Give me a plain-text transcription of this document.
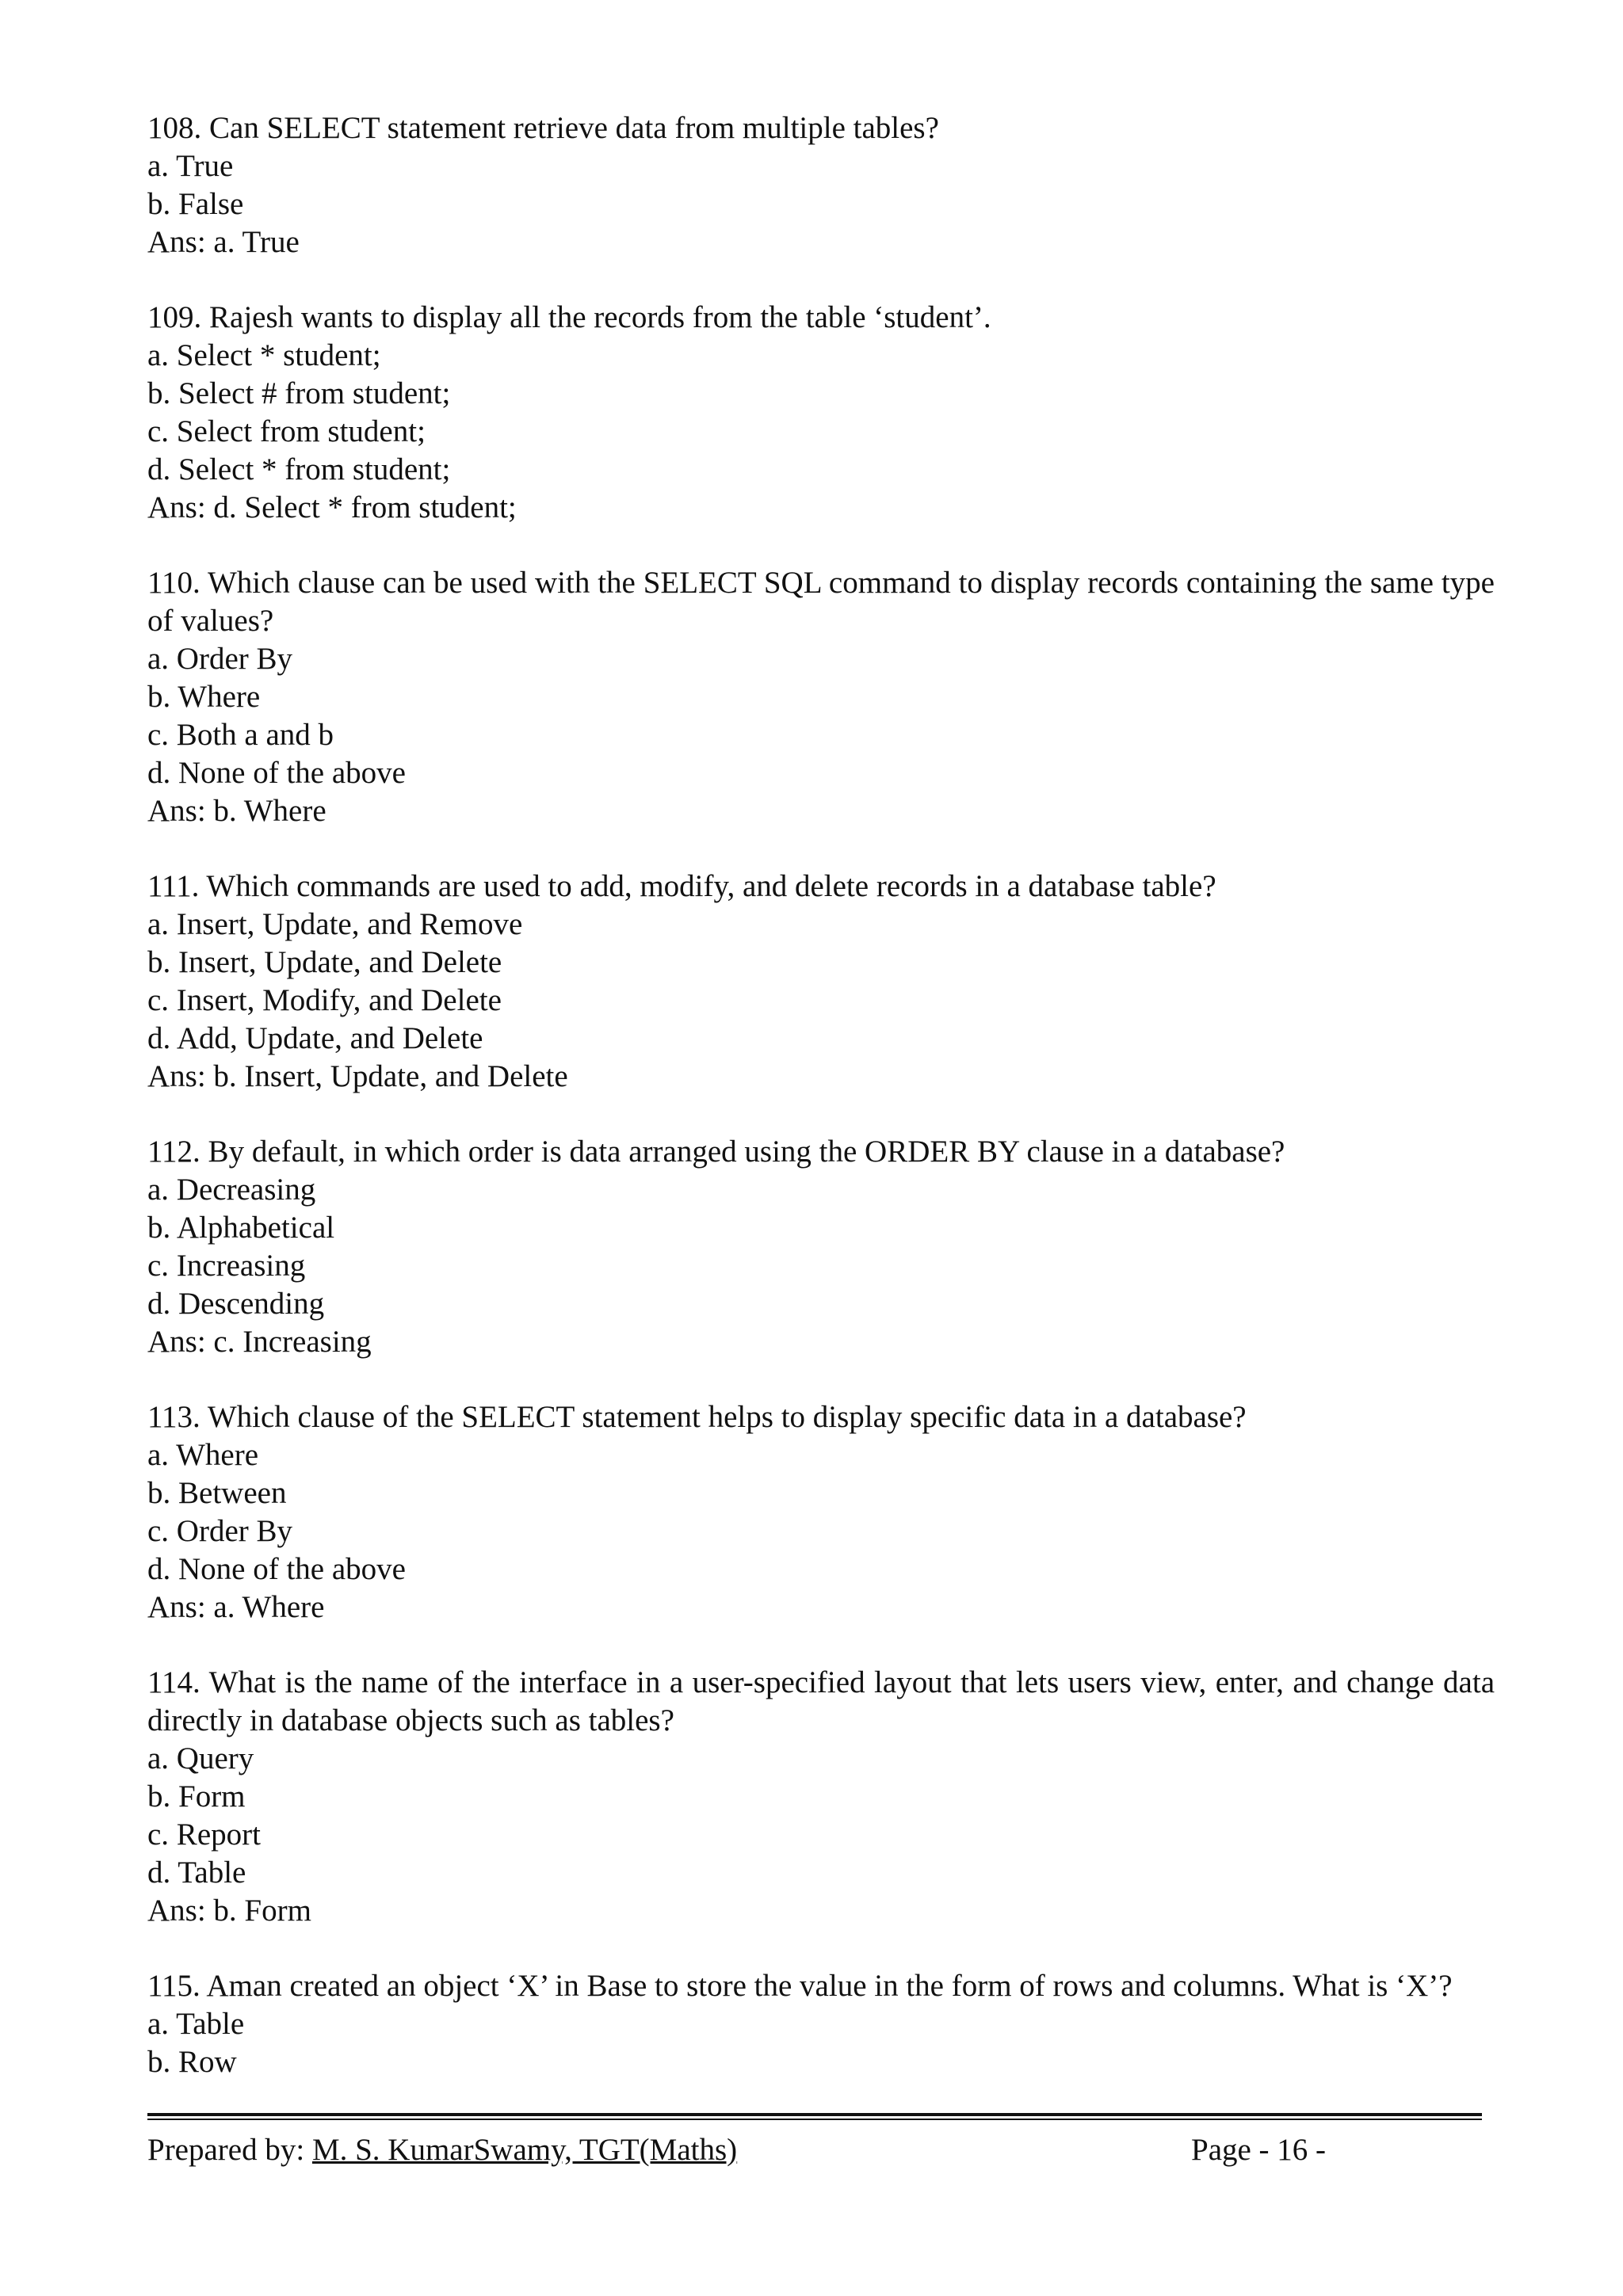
108. Can SELECT statement retrieve data from multiple tables?

a. True

b. False

Ans: a. True

109. Rajesh wants to display all the records from the table ‘student’.

a. Select * student;

b. Select # from student;

c. Select from student;

d. Select * from student;

Ans: d. Select * from student;

110. Which clause can be used with the SELECT SQL command to display records containing the same type of values?

a. Order By

b. Where

c. Both a and b

d. None of the above

Ans: b. Where

111. Which commands are used to add, modify, and delete records in a database table?

a. Insert, Update, and Remove

b. Insert, Update, and Delete

c. Insert, Modify, and Delete

d. Add, Update, and Delete

Ans: b. Insert, Update, and Delete

112. By default, in which order is data arranged using the ORDER BY clause in a database?

a. Decreasing

b. Alphabetical

c. Increasing

d. Descending

Ans: c. Increasing

113. Which clause of the SELECT statement helps to display specific data in a database?

a. Where

b. Between

c. Order By

d. None of the above

Ans: a. Where

114. What is the name of the interface in a user-specified layout that lets users view, enter, and change data directly in database objects such as tables?

a. Query

b. Form

c. Report

d. Table

Ans: b. Form

115. Aman created an object ‘X’ in Base to store the value in the form of rows and columns. What is ‘X’?

a. Table

b. Row

Prepared by: M. S. KumarSwamy, TGT(Maths)	Page - 16 -
